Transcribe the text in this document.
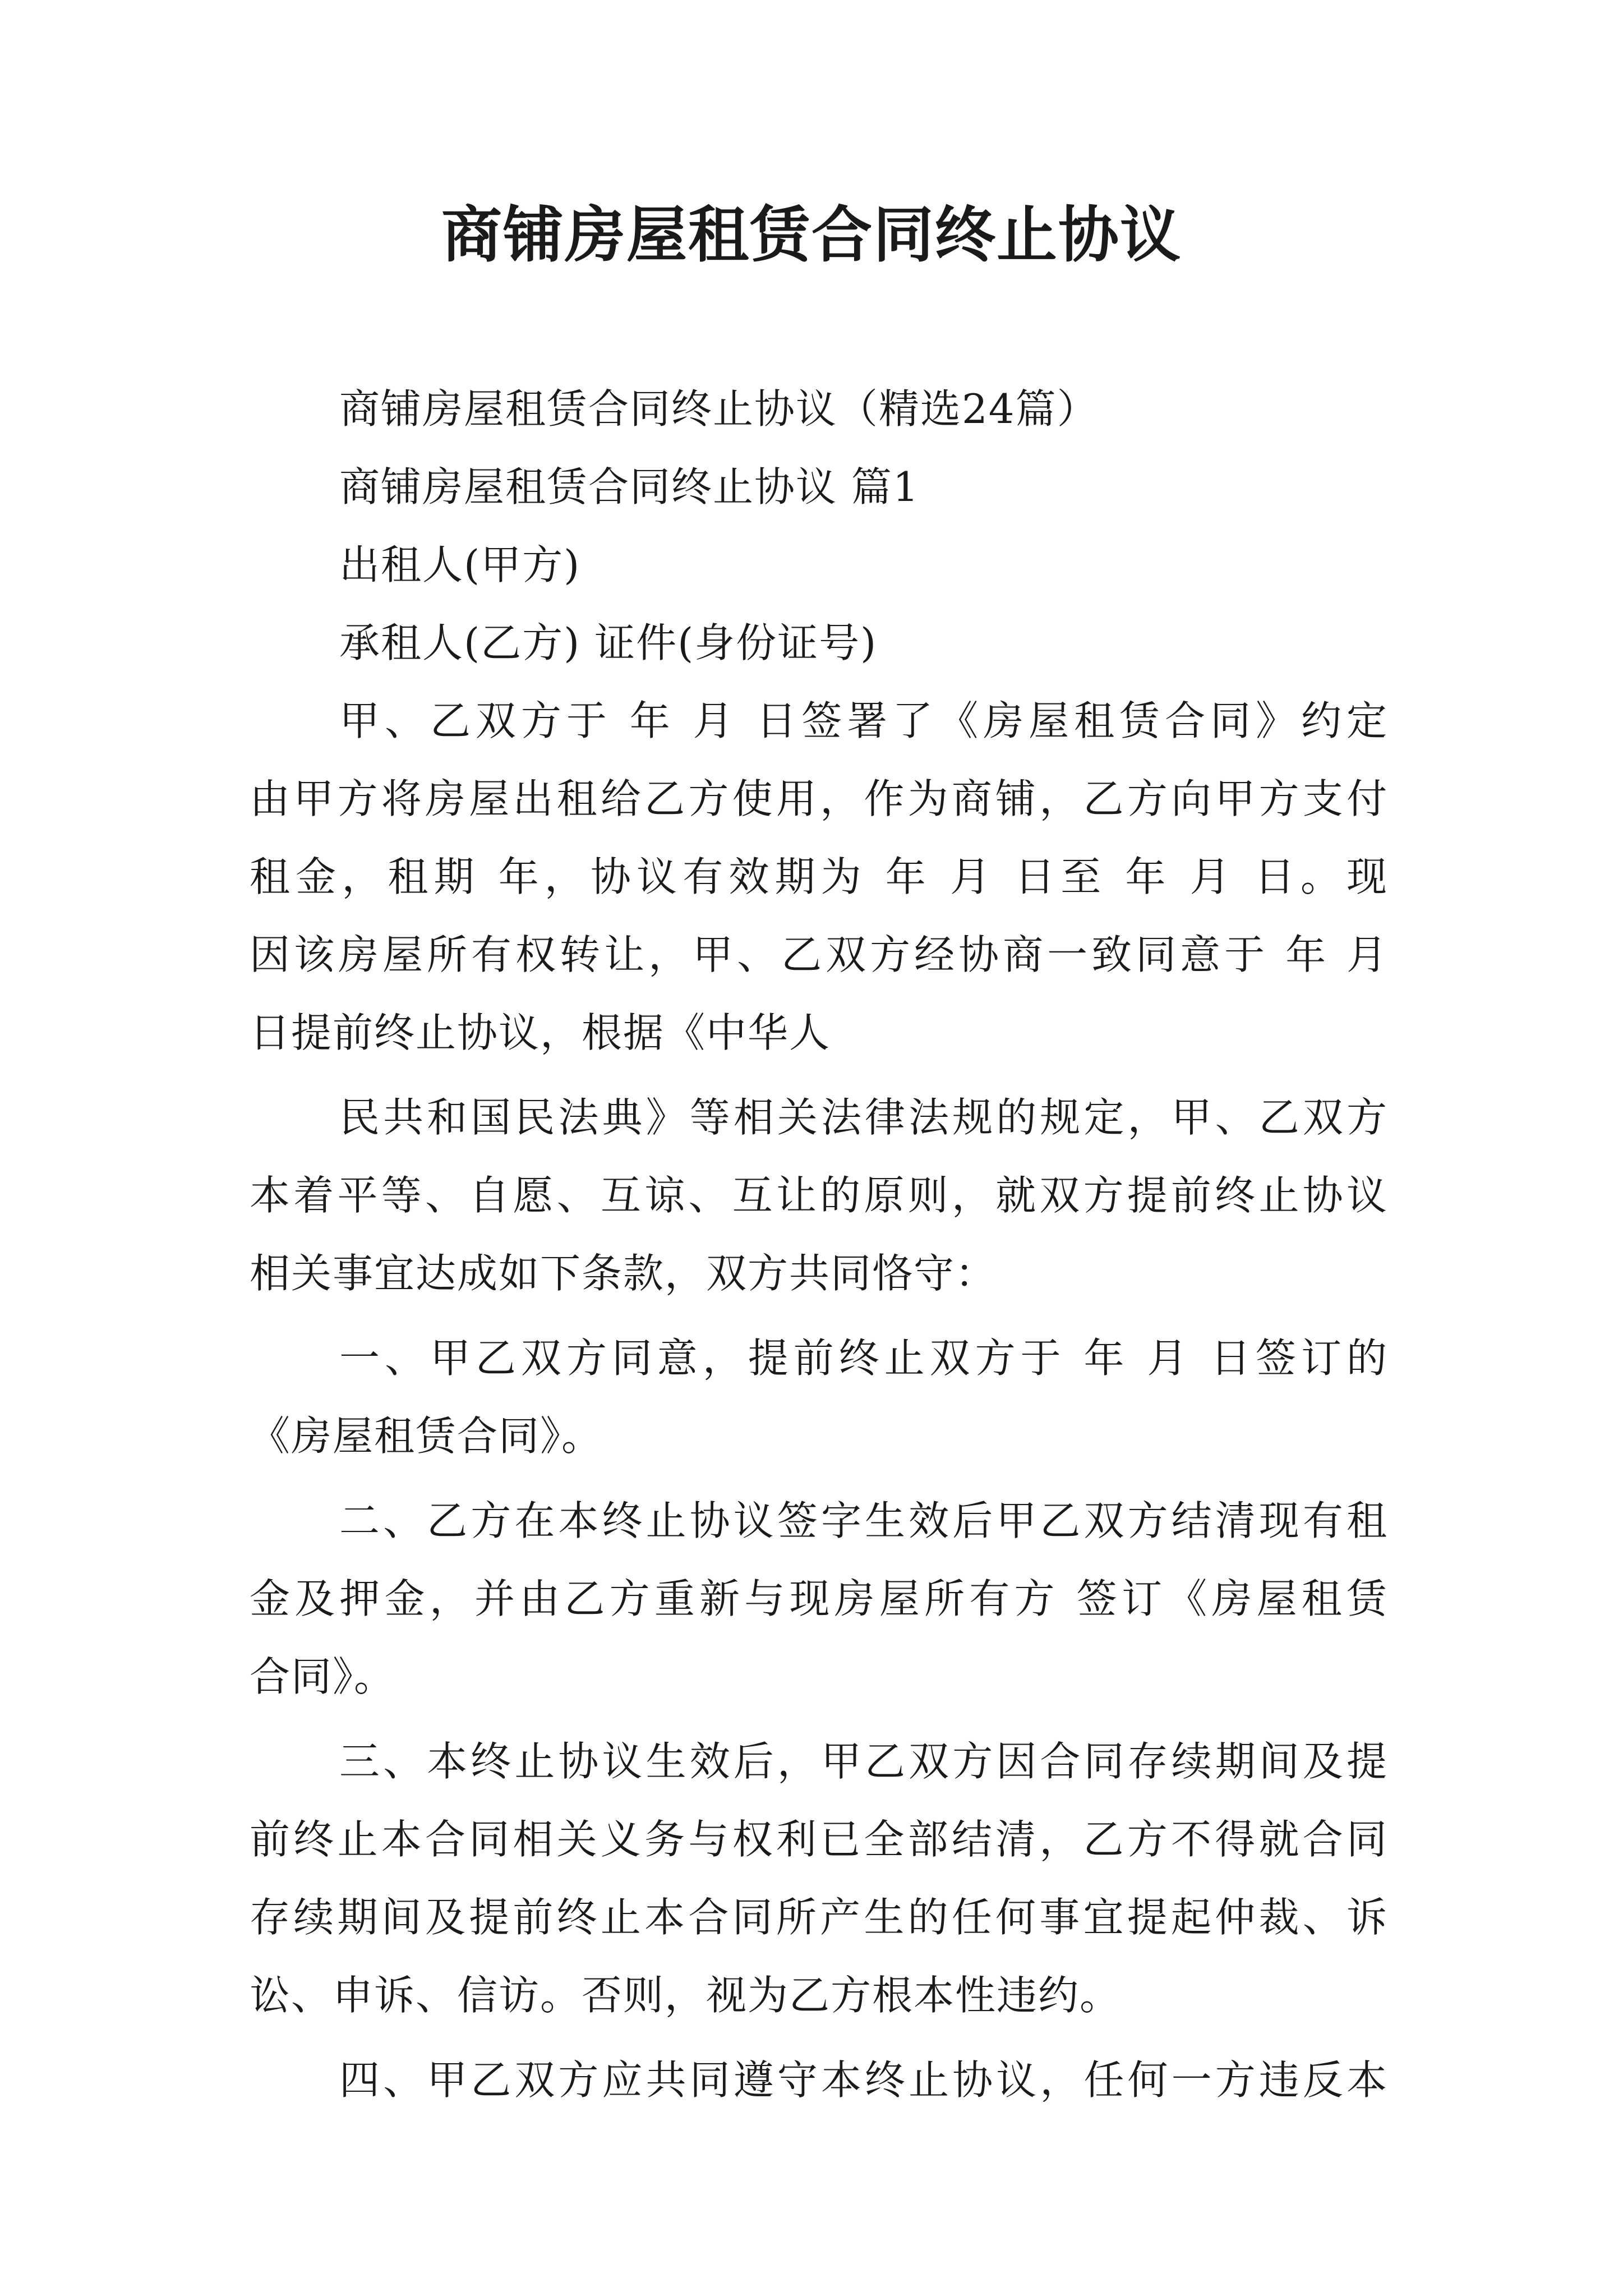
商铺房屋租赁合同终止协议
商铺房屋租赁合同终止协议（精选24篇）
商铺房屋租赁合同终止协议 篇1
出租人(甲方)
承租人(乙方) 证件(身份证号)
甲、乙双方于 年 月 日签署了《房屋租赁合同》约定
由甲方将房屋出租给乙方使用，作为商铺，乙方向甲方支付
租金，租期 年，协议有效期为 年 月 日至 年 月 日。现
因该房屋所有权转让，甲、乙双方经协商一致同意于 年 月
日提前终止协议，根据《中华人
民共和国民法典》等相关法律法规的规定，甲、乙双方
本着平等、自愿、互谅、互让的原则，就双方提前终止协议
相关事宜达成如下条款，双方共同恪守：
一、甲乙双方同意，提前终止双方于 年 月 日签订的
《房屋租赁合同》。
二、乙方在本终止协议签字生效后甲乙双方结清现有租
金及押金，并由乙方重新与现房屋所有方 签订《房屋租赁
合同》。
三、本终止协议生效后，甲乙双方因合同存续期间及提
前终止本合同相关义务与权利已全部结清，乙方不得就合同
存续期间及提前终止本合同所产生的任何事宜提起仲裁、诉
讼、申诉、信访。否则，视为乙方根本性违约。
四、甲乙双方应共同遵守本终止协议，任何一方违反本
